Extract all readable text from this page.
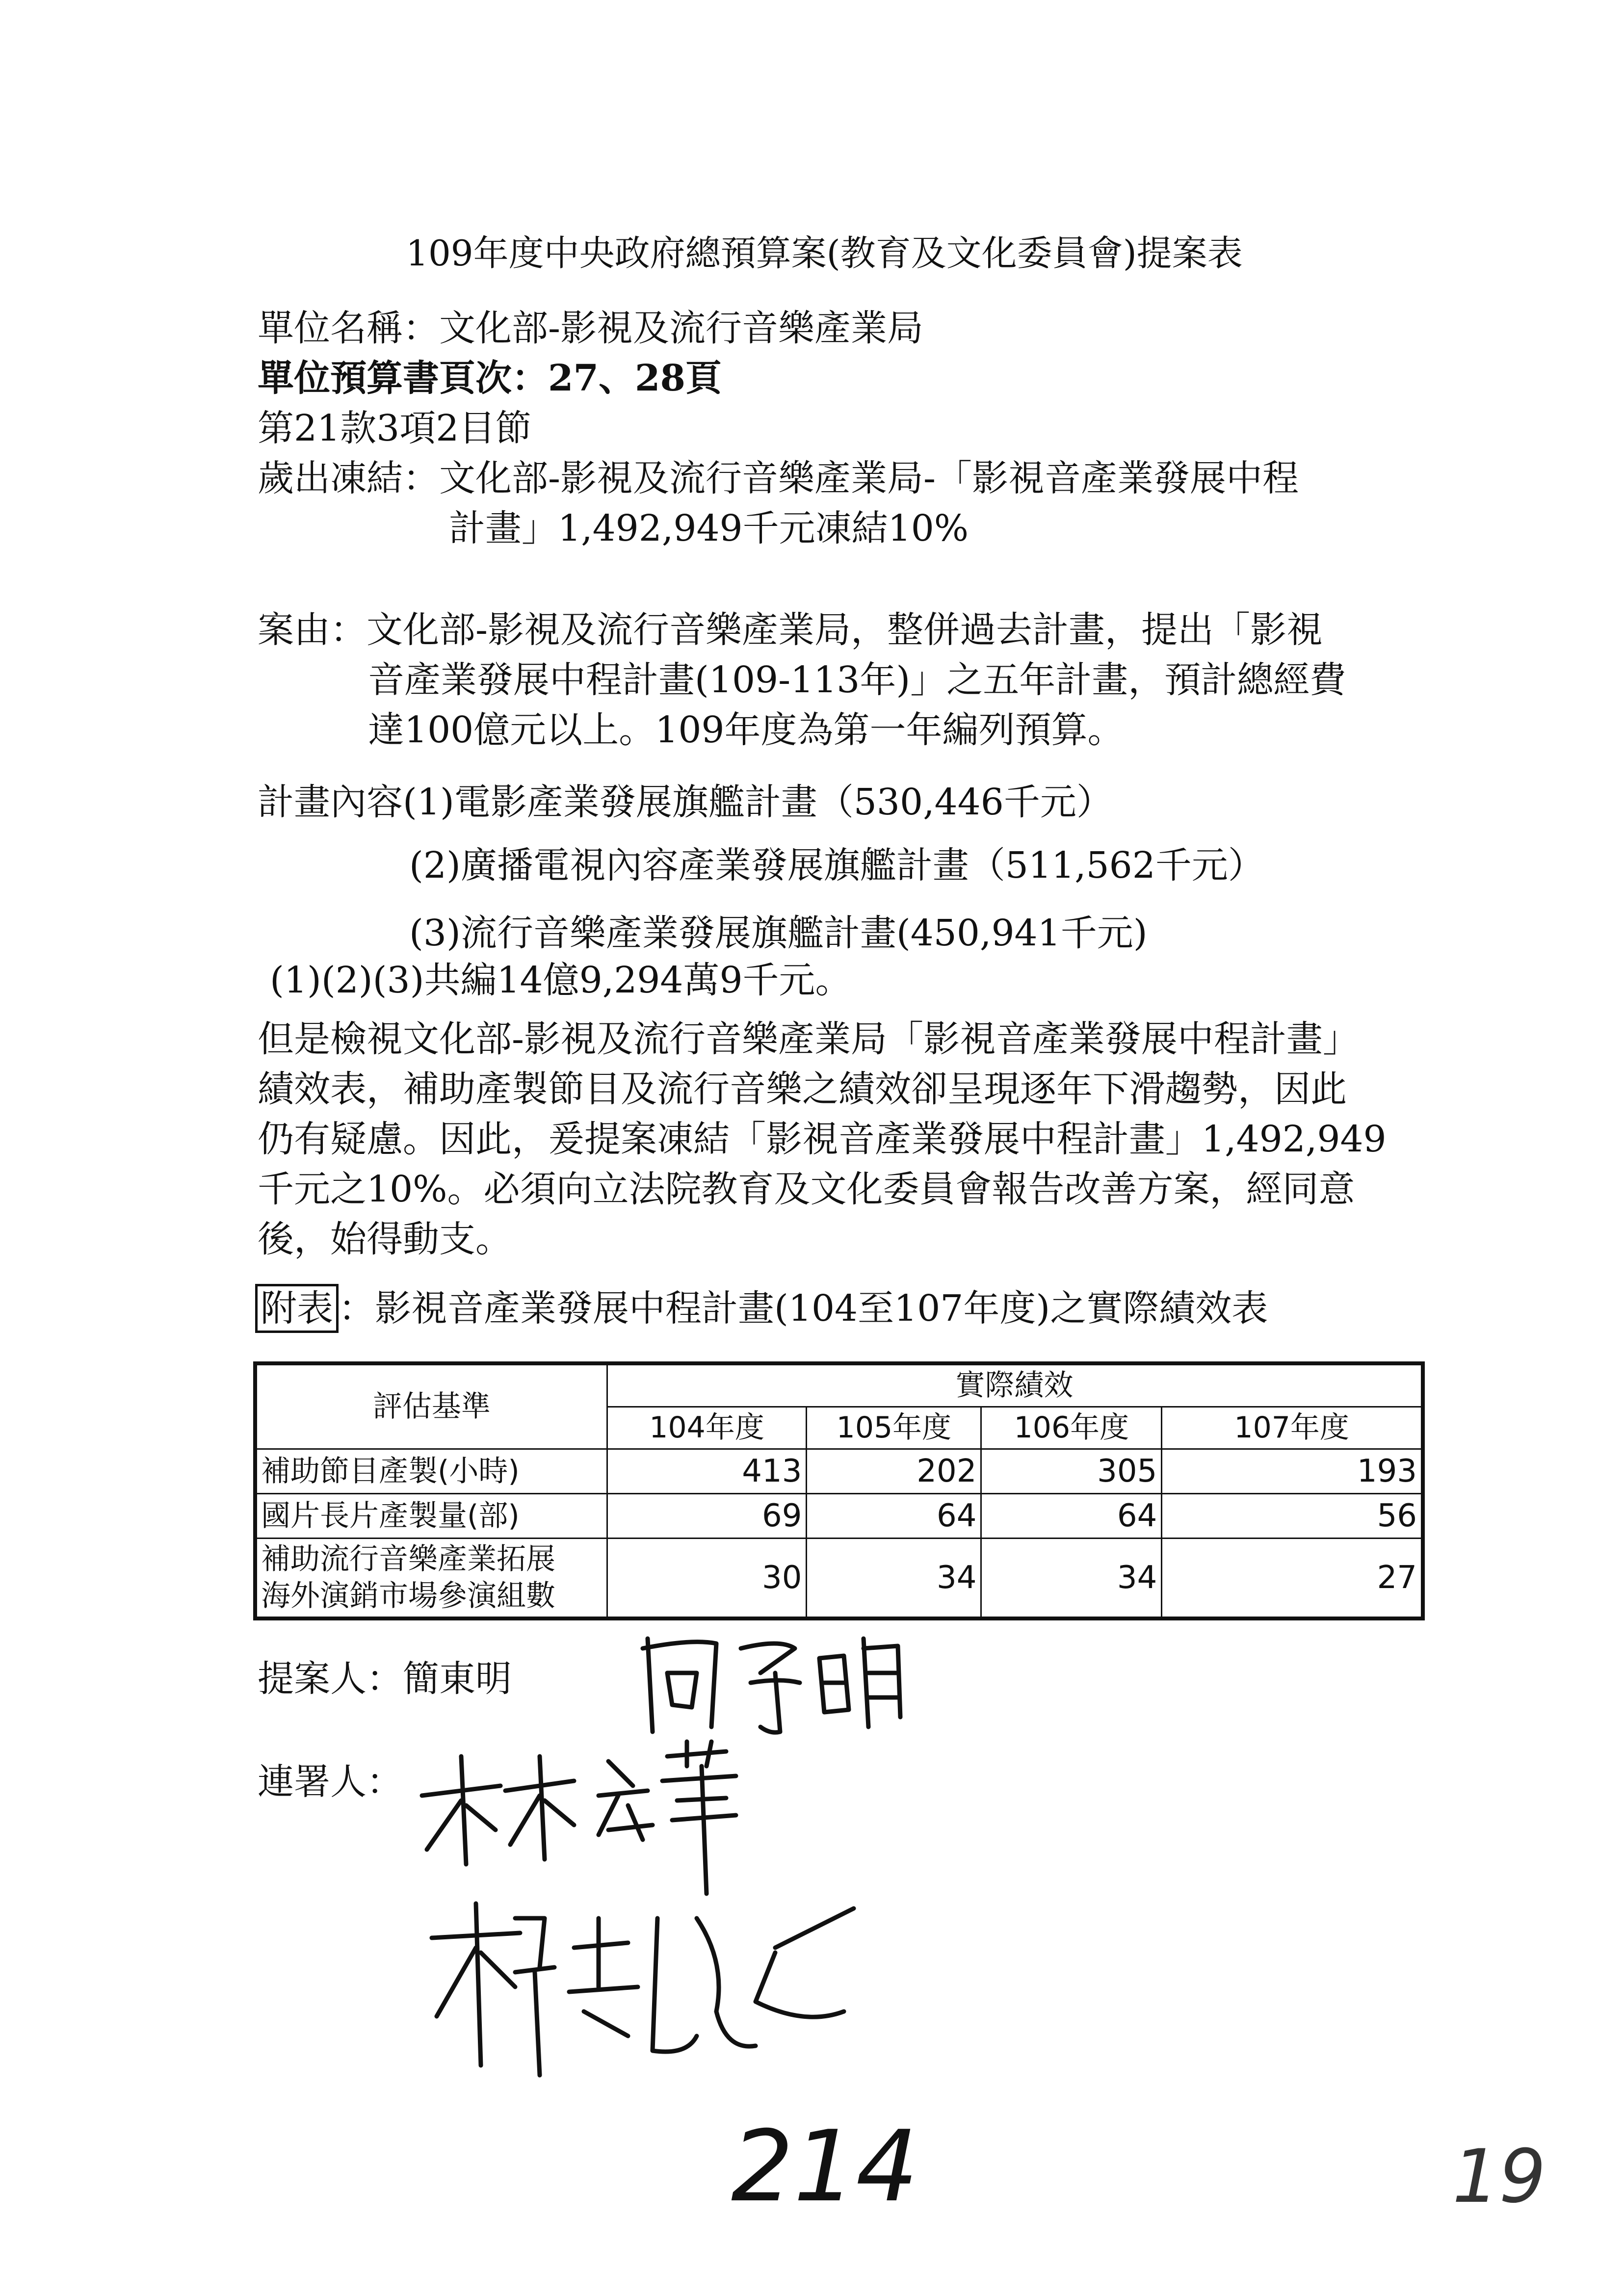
109年度中央政府總預算案(教育及文化委員會)提案表
單位名稱：文化部-影視及流行音樂產業局
單位預算書頁次：27、28頁
第21款3項2目節
歲出凍結：文化部-影視及流行音樂產業局-「影視音產業發展中程
計畫」1,492,949千元凍結10%
案由：文化部-影視及流行音樂產業局，整併過去計畫，提出「影視
音產業發展中程計畫(109-113年)」之五年計畫，預計總經費
達100億元以上。109年度為第一年編列預算。
計畫內容(1)電影產業發展旗艦計畫（530,446千元）
(2)廣播電視內容產業發展旗艦計畫（511,562千元）
(3)流行音樂產業發展旗艦計畫(450,941千元)
(1)(2)(3)共編14億9,294萬9千元。
但是檢視文化部-影視及流行音樂產業局「影視音產業發展中程計畫」
績效表，補助產製節目及流行音樂之績效卻呈現逐年下滑趨勢，因此
仍有疑慮。因此，爰提案凍結「影視音產業發展中程計畫」1,492,949
千元之10%。必須向立法院教育及文化委員會報告改善方案，經同意
後，始得動支。
附表 ：影視音產業發展中程計畫(104至107年度)之實際績效表
評估基準	實際績效			
	104年度	105年度	106年度	107年度
補助節目產製(小時)	413	202	305	193
國片長片產製量(部)	69	64	64	56

補助流行音樂產業拓展
海外演銷市場參演組數	30	34	34	27
提案人：簡東明
連署人：
214	19
